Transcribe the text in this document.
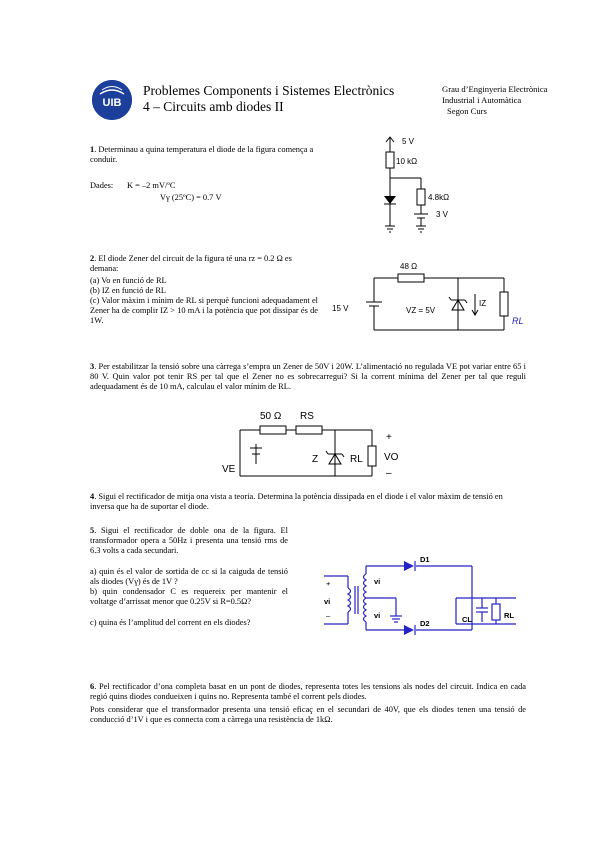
UIB
Problemes Components i Sistemes Electrònics
4 – Circuits amb diodes II
Grau d’Enginyeria Electrònica
Industrial i Automàtica
Segon Curs
1. Determinau a quina temperatura el diode de la figura comença a conduir.
Dades: K = –2 mV/ºC
Vγ (25ºC) = 0.7 V
5 V
10 kΩ
4.8kΩ
3 V
2. El diode Zener del circuit de la figura té una rz = 0.2 Ω es demana:
(a) Vo en funció de RL
(b) IZ en funció de RL
(c) Valor màxim i mínim de RL si perquè funcioni adequadament el Zener ha de complir IZ > 10 mA i la potència que pot dissipar és de 1W.
48 Ω
15 V	VZ = 5V
IZ
RL
3. Per estabilitzar la tensió sobre una càrrega s’empra un Zener de 50V i 20W. L’alimentació no regulada VE pot variar entre 65 i 80 V. Quin valor pot tenir RS per tal que el Zener no es sobrecarregui? Si la corrent mínima del Zener per tal que reguli adequadament és de 10 mA, calculau el valor mínim de RL.
50 Ω RS
VE
Z	RL
+
VO
–
4. Sigui el rectificador de mitja ona vista a teoria. Determina la potència dissipada en el diode i el valor màxim de tensió en inversa que ha de suportar el diode.
5. Sigui el rectificador de doble ona de la figura. El transformador opera a 50Hz i presenta una tensió rms de 6.3 volts a cada secundari.
a) quin és el valor de sortida de cc si la caiguda de tensió als diodes (Vγ) és de 1V ?
b) quin condensador C es requereix per mantenir el voltatge d’arrissat menor que 0.25V si R=0.5Ω?
c) quina és l’amplitud del corrent en els diodes?
D1
D2
+
vi
–
vi
vi	CL	RL
6. Pel rectificador d’ona completa basat en un pont de diodes, representa totes les tensions als nodes del circuit. Indica en cada regió quins diodes condueixen i quins no. Representa també el corrent pels diodes.
Pots considerar que el transformador presenta una tensió eficaç en el secundari de 40V, que els diodes tenen una tensió de conducció d’1V i que es connecta com a càrrega una resistència de 1kΩ.
